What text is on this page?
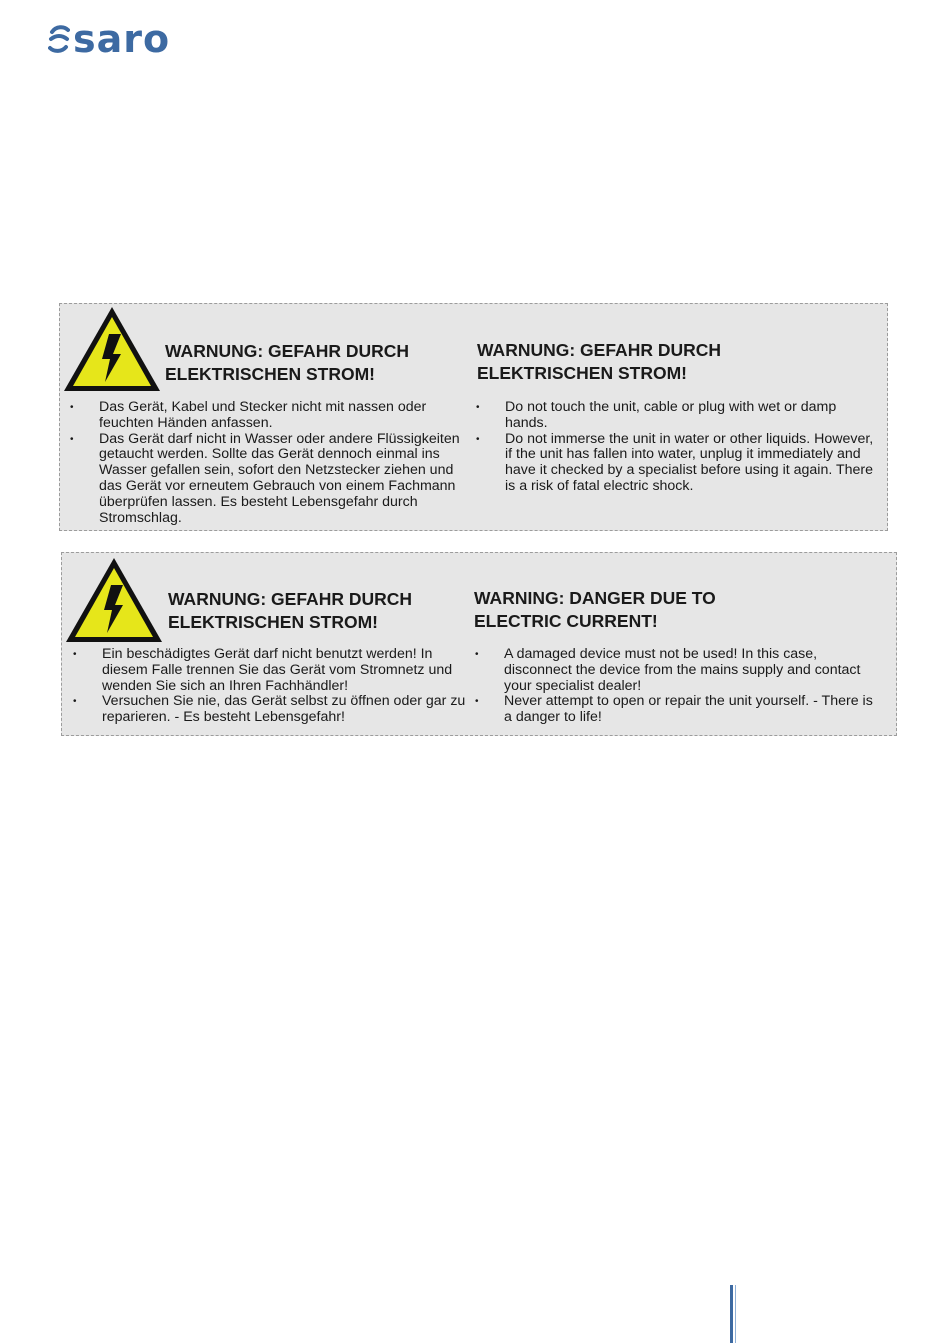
saro
WARNUNG: GEFAHR DURCH
ELEKTRISCHEN STROM!
WARNUNG: GEFAHR DURCH
ELEKTRISCHEN STROM!
• Das Gerät, Kabel und Stecker nicht mit nassen oder feuchten Händen anfassen.
• Das Gerät darf nicht in Wasser oder andere Flüssigkeiten getaucht werden. Sollte das Gerät dennoch einmal ins Wasser gefallen sein, sofort den Netzstecker ziehen und das Gerät vor erneutem Gebrauch von einem Fachmann überprüfen lassen. Es besteht Lebensgefahr durch Stromschlag.
• Do not touch the unit, cable or plug with wet or damp hands.
• Do not immerse the unit in water or other liquids. However, if the unit has fallen into water, unplug it immediately and have it checked by a specialist before using it again. There is a risk of fatal electric shock.
WARNUNG: GEFAHR DURCH
ELEKTRISCHEN STROM!
WARNING: DANGER DUE TO
ELECTRIC CURRENT!
• Ein beschädigtes Gerät darf nicht benutzt werden! In diesem Falle trennen Sie das Gerät vom Stromnetz und wenden Sie sich an Ihren Fachhändler!
• Versuchen Sie nie, das Gerät selbst zu öffnen oder gar zu reparieren. - Es besteht Lebensgefahr!
• A damaged device must not be used! In this case, disconnect the device from the mains supply and contact your specialist dealer!
• Never attempt to open or repair the unit yourself. - There is a danger to life!
